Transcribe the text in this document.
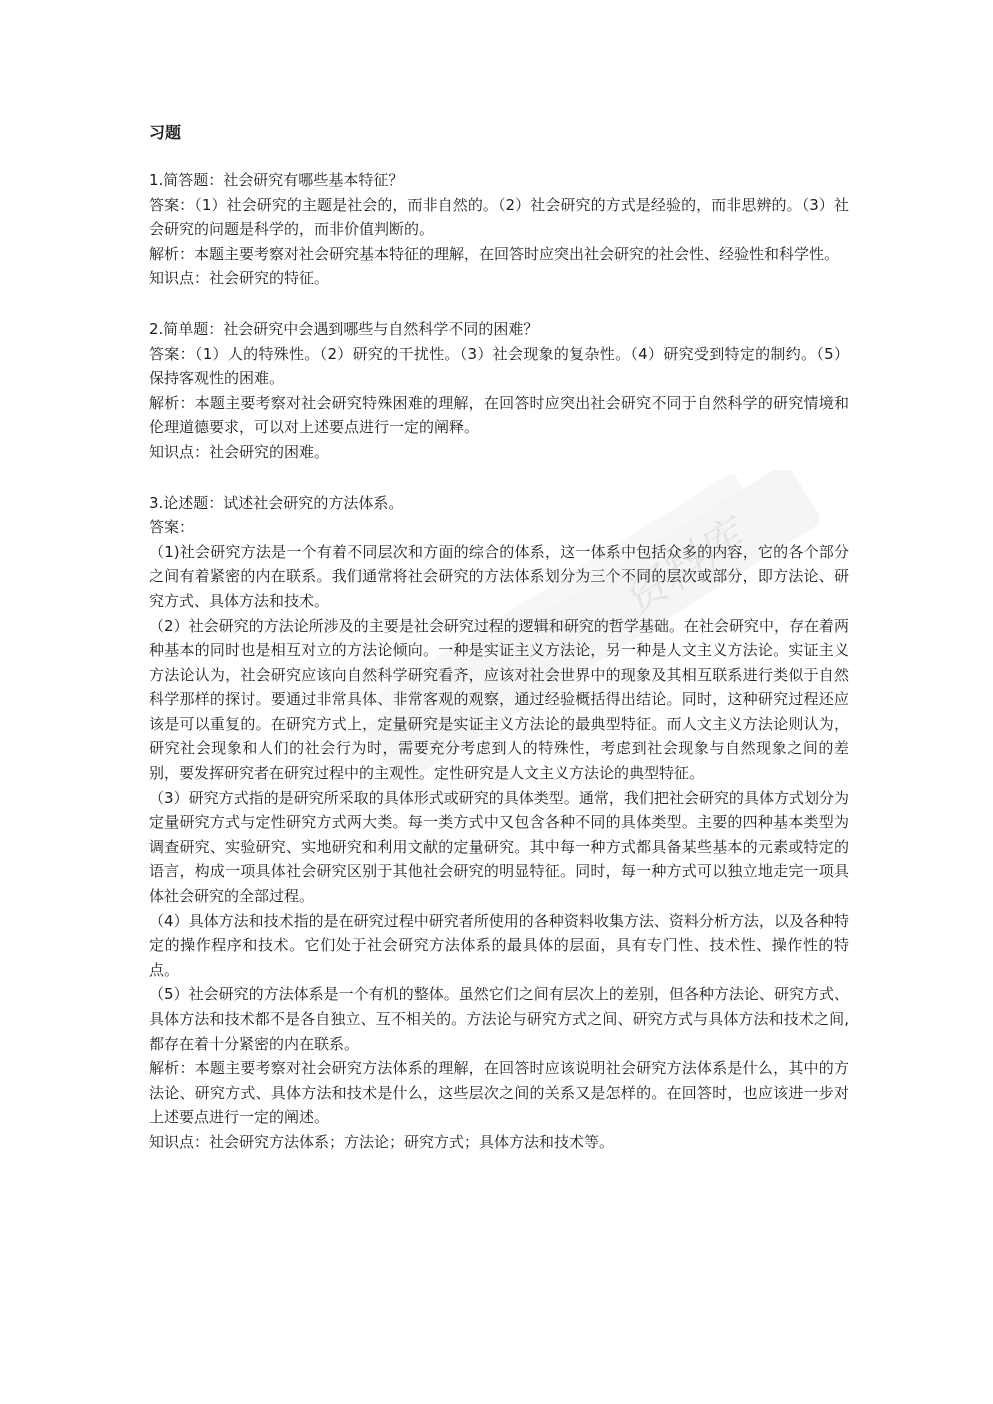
资料库
习题

1.简答题：社会研究有哪些基本特征？

答案：（1）社会研究的主题是社会的，而非自然的。（2）社会研究的方式是经验的，而非思辨的。（3）社会研究的问题是科学的，而非价值判断的。

解析：本题主要考察对社会研究基本特征的理解，在回答时应突出社会研究的社会性、经验性和科学性。

知识点：社会研究的特征。

2.简单题：社会研究中会遇到哪些与自然科学不同的困难？

答案：（1）人的特殊性。（2）研究的干扰性。（3）社会现象的复杂性。（4）研究受到特定的制约。（5）保持客观性的困难。

解析：本题主要考察对社会研究特殊困难的理解，在回答时应突出社会研究不同于自然科学的研究情境和伦理道德要求，可以对上述要点进行一定的阐释。

知识点：社会研究的困难。

3.论述题：试述社会研究的方法体系。

答案：

（1)社会研究方法是一个有着不同层次和方面的综合的体系，这一体系中包括众多的内容，它的各个部分之间有着紧密的内在联系。我们通常将社会研究的方法体系划分为三个不同的层次或部分，即方法论、研究方式、具体方法和技术。

（2）社会研究的方法论所涉及的主要是社会研究过程的逻辑和研究的哲学基础。在社会研究中，存在着两种基本的同时也是相互对立的方法论倾向。一种是实证主义方法论，另一种是人文主义方法论。实证主义方法论认为，社会研究应该向自然科学研究看齐，应该对社会世界中的现象及其相互联系进行类似于自然科学那样的探讨。要通过非常具体、非常客观的观察，通过经验概括得出结论。同时，这种研究过程还应该是可以重复的。在研究方式上，定量研究是实证主义方法论的最典型特征。而人文主义方法论则认为，研究社会现象和人们的社会行为时，需要充分考虑到人的特殊性，考虑到社会现象与自然现象之间的差别，要发挥研究者在研究过程中的主观性。定性研究是人文主义方法论的典型特征。

（3）研究方式指的是研究所采取的具体形式或研究的具体类型。通常，我们把社会研究的具体方式划分为定量研究方式与定性研究方式两大类。每一类方式中又包含各种不同的具体类型。主要的四种基本类型为调查研究、实验研究、实地研究和利用文献的定量研究。其中每一种方式都具备某些基本的元素或特定的语言，构成一项具体社会研究区别于其他社会研究的明显特征。同时，每一种方式可以独立地走完一项具体社会研究的全部过程。

（4）具体方法和技术指的是在研究过程中研究者所使用的各种资料收集方法、资料分析方法，以及各种特定的操作程序和技术。它们处于社会研究方法体系的最具体的层面，具有专门性、技术性、操作性的特点。

（5）社会研究的方法体系是一个有机的整体。虽然它们之间有层次上的差别，但各种方法论、研究方式、具体方法和技术都不是各自独立、互不相关的。方法论与研究方式之间、研究方式与具体方法和技术之间,都存在着十分紧密的内在联系。

解析：本题主要考察对社会研究方法体系的理解，在回答时应该说明社会研究方法体系是什么，其中的方法论、研究方式、具体方法和技术是什么，这些层次之间的关系又是怎样的。在回答时，也应该进一步对上述要点进行一定的阐述。

知识点：社会研究方法体系；方法论；研究方式；具体方法和技术等。
